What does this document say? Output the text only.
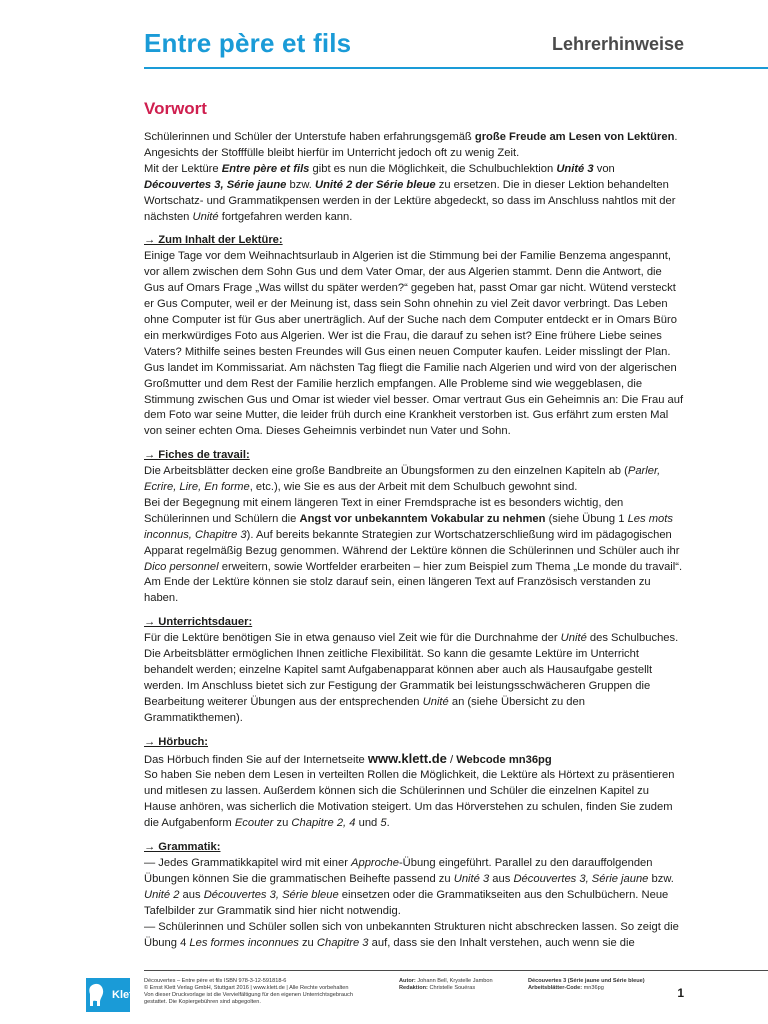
Entre père et fils	Lehrerhinweise
Vorwort

Schülerinnen und Schüler der Unterstufe haben erfahrungsgemäß große Freude am Lesen von Lektüren. Angesichts der Stofffülle bleibt hierfür im Unterricht jedoch oft zu wenig Zeit.

Mit der Lektüre Entre père et fils gibt es nun die Möglichkeit, die Schulbuchlektion Unité 3 von Découvertes 3, Série jaune bzw. Unité 2 der Série bleue zu ersetzen. Die in dieser Lektion behandelten Wortschatz- und Grammatikpensen werden in der Lektüre abgedeckt, so dass im Anschluss nahtlos mit der nächsten Unité fortgefahren werden kann.

→ Zum Inhalt der Lektüre:

Einige Tage vor dem Weihnachtsurlaub in Algerien ist die Stimmung bei der Familie Benzema angespannt, vor allem zwischen dem Sohn Gus und dem Vater Omar, der aus Algerien stammt. Denn die Antwort, die Gus auf Omars Frage „Was willst du später werden?“ gegeben hat, passt Omar gar nicht. Wütend versteckt er Gus Computer, weil er der Meinung ist, dass sein Sohn ohnehin zu viel Zeit davor verbringt. Das Leben ohne Computer ist für Gus aber unerträglich. Auf der Suche nach dem Computer entdeckt er in Omars Büro ein merkwürdiges Foto aus Algerien. Wer ist die Frau, die darauf zu sehen ist? Eine frühere Liebe seines Vaters? Mithilfe seines besten Freundes will Gus einen neuen Computer kaufen. Leider misslingt der Plan. Gus landet im Kommissariat. Am nächsten Tag fliegt die Familie nach Algerien und wird von der algerischen Großmutter und dem Rest der Familie herzlich empfangen. Alle Probleme sind wie weggeblasen, die Stimmung zwischen Gus und Omar ist wieder viel besser. Omar vertraut Gus ein Geheimnis an: Die Frau auf dem Foto war seine Mutter, die leider früh durch eine Krankheit verstorben ist. Gus erfährt zum ersten Mal von seiner echten Oma. Dieses Geheimnis verbindet nun Vater und Sohn.

→ Fiches de travail:

Die Arbeitsblätter decken eine große Bandbreite an Übungsformen zu den einzelnen Kapiteln ab (Parler, Ecrire, Lire, En forme, etc.), wie Sie es aus der Arbeit mit dem Schulbuch gewohnt sind.

Bei der Begegnung mit einem längeren Text in einer Fremdsprache ist es besonders wichtig, den Schülerinnen und Schülern die Angst vor unbekanntem Vokabular zu nehmen (siehe Übung 1 Les mots inconnus, Chapitre 3). Auf bereits bekannte Strategien zur Wortschatzerschließung wird im pädagogischen Apparat regelmäßig Bezug genommen. Während der Lektüre können die Schülerinnen und Schüler auch ihr Dico personnel erweitern, sowie Wortfelder erarbeiten – hier zum Beispiel zum Thema „Le monde du travail“. Am Ende der Lektüre können sie stolz darauf sein, einen längeren Text auf Französisch verstanden zu haben.

→ Unterrichtsdauer:

Für die Lektüre benötigen Sie in etwa genauso viel Zeit wie für die Durchnahme der Unité des Schulbuches. Die Arbeitsblätter ermöglichen Ihnen zeitliche Flexibilität. So kann die gesamte Lektüre im Unterricht behandelt werden; einzelne Kapitel samt Aufgabenapparat können aber auch als Hausaufgabe gestellt werden. Im Anschluss bietet sich zur Festigung der Grammatik bei leistungsschwächeren Gruppen die Bearbeitung weiterer Übungen aus der entsprechenden Unité an (siehe Übersicht zu den Grammatikthemen).

→ Hörbuch:

Das Hörbuch finden Sie auf der Internetseite www.klett.de / Webcode mn36pg

So haben Sie neben dem Lesen in verteilten Rollen die Möglichkeit, die Lektüre als Hörtext zu präsentieren und mitlesen zu lassen. Außerdem können sich die Schülerinnen und Schüler die einzelnen Kapitel zu Hause anhören, was sicherlich die Motivation steigert. Um das Hörverstehen zu schulen, finden Sie zudem die Aufgabenform Ecouter zu Chapitre 2, 4 und 5.

→ Grammatik:

— Jedes Grammatikkapitel wird mit einer Approche-Übung eingeführt. Parallel zu den darauffolgenden Übungen können Sie die grammatischen Beihefte passend zu Unité 3 aus Découvertes 3, Série jaune bzw. Unité 2 aus Découvertes 3, Série bleue einsetzen oder die Grammatikseiten aus den Schulbüchern. Neue Tafelbilder zur Grammatik sind hier nicht notwendig.

— Schülerinnen und Schüler sollen sich von unbekannten Strukturen nicht abschrecken lassen. So zeigt die Übung 4 Les formes inconnues zu Chapitre 3 auf, dass sie den Inhalt verstehen, auch wenn sie die

Klett
Découvertes – Entre père et fils ISBN 978-3-12-591818-6
© Ernst Klett Verlag GmbH, Stuttgart 2016 | www.klett.de | Alle Rechte vorbehalten
Von dieser Druckvorlage ist die Vervielfältigung für den eigenen Unterrichtsgebrauch
gestattet. Die Kopiergebühren sind abgegolten.
Autor: Johann Bell, Krystelle Jambon
Redaktion: Christelle Souéras
Découvertes 3 (Série jaune und Série bleue)
Arbeitsblätter-Code: mn36pg	1
